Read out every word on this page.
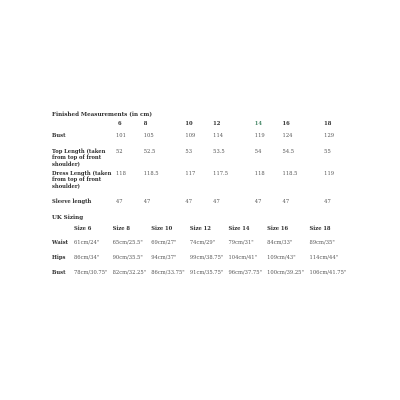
Finished Measurements (in cm)
	6	8	10	12	14	16	18
Bust	101	105	109	114	119	124	129
Top Length (taken from top of front shoulder)	52	52.5	53	53.5	54	54.5	55
Dress Length (taken from top of front shoulder)	118	118.5	117	117.5	118	118.5	119
Sleeve length	47	47	47	47	47	47	47
UK Sizing
	Size 6	Size 8	Size 10	Size 12	Size 14	Size 16	Size 18
Waist	61cm/24"	65cm/25.5"	69cm/27"	74cm/29"	79cm/31"	84cm/33"	89cm/35"
Hips	86cm/34"	90cm/35.5"	94cm/37"	99cm/38.75"	104cm/41"	109cm/43"	114cm/44"
Bust	78cm/30.75"	82cm/32.25"	86cm/33.75"	91cm/35.75"	96cm/37.75"	100cm/39.25"	106cm/41.75"
